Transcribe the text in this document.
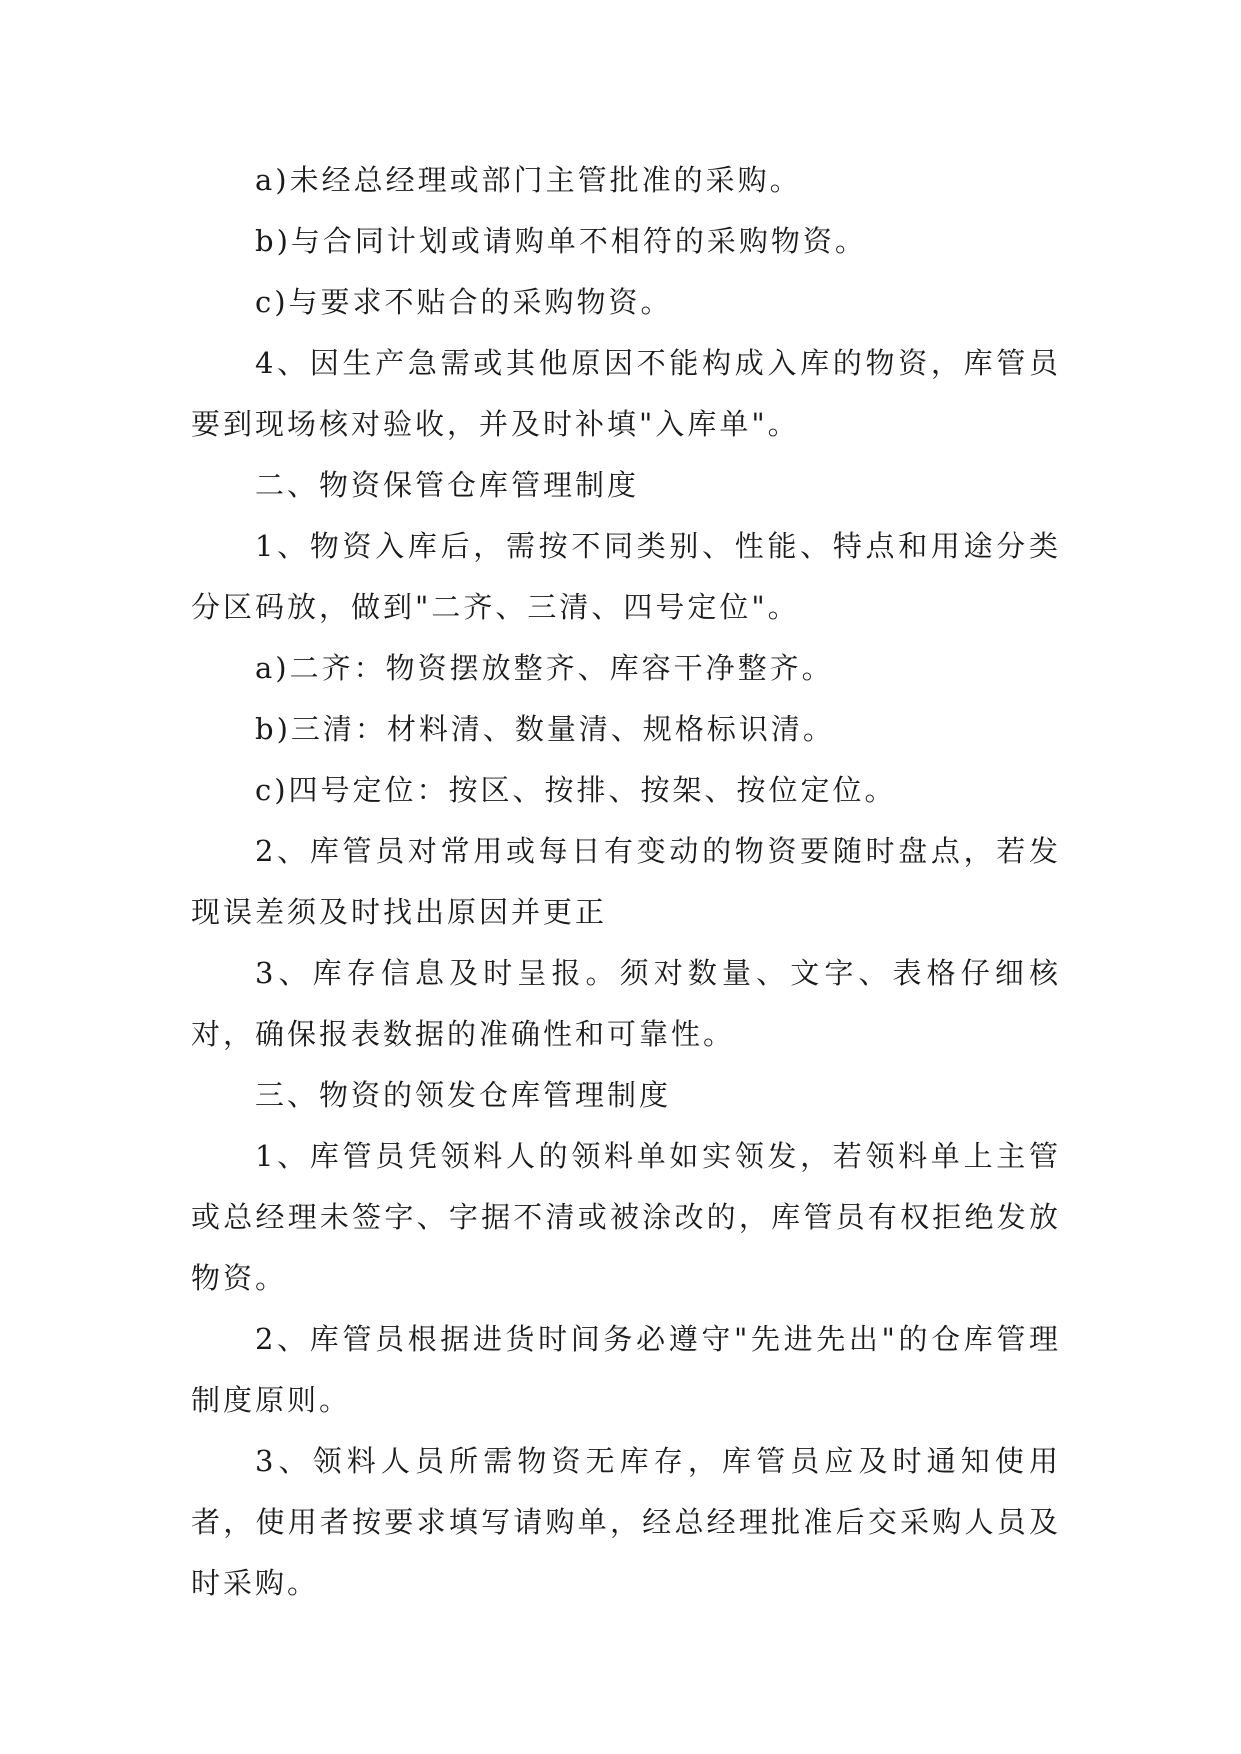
a)未经总经理或部门主管批准的采购。

b)与合同计划或请购单不相符的采购物资。

c)与要求不贴合的采购物资。

4、因生产急需或其他原因不能构成入库的物资，库管员要到现场核对验收，并及时补填"入库单"。

二、物资保管仓库管理制度

1、物资入库后，需按不同类别、性能、特点和用途分类分区码放，做到"二齐、三清、四号定位"。

a)二齐：物资摆放整齐、库容干净整齐。

b)三清：材料清、数量清、规格标识清。

c)四号定位：按区、按排、按架、按位定位。

2、库管员对常用或每日有变动的物资要随时盘点，若发现误差须及时找出原因并更正

3、库存信息及时呈报。须对数量、文字、表格仔细核对，确保报表数据的准确性和可靠性。

三、物资的领发仓库管理制度

1、库管员凭领料人的领料单如实领发，若领料单上主管或总经理未签字、字据不清或被涂改的，库管员有权拒绝发放物资。

2、库管员根据进货时间务必遵守"先进先出"的仓库管理制度原则。

3、领料人员所需物资无库存，库管员应及时通知使用者，使用者按要求填写请购单，经总经理批准后交采购人员及时采购。
